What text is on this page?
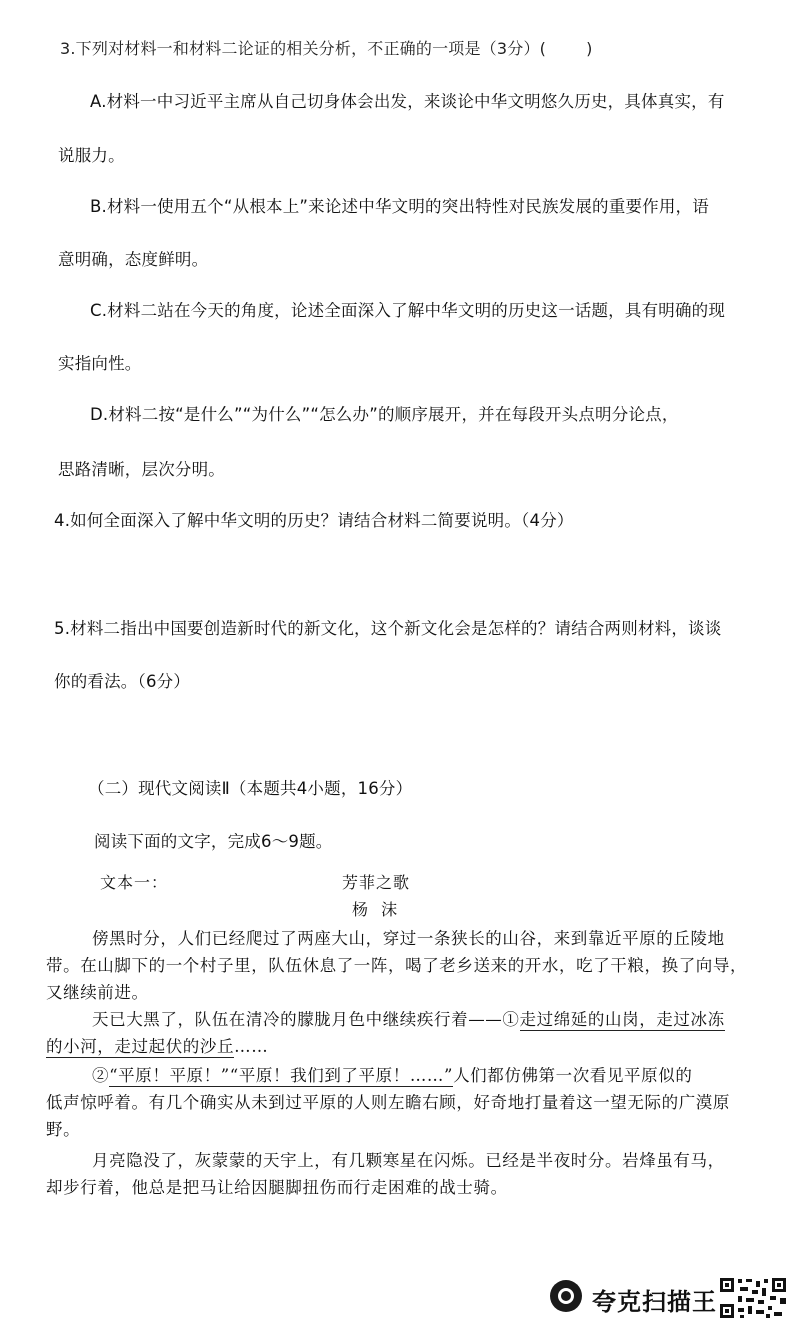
3.下列对材料一和材料二论证的相关分析，不正确的一项是（3分）(	)
A.材料一中习近平主席从自己切身体会出发，来谈论中华文明悠久历史，具体真实，有
说服力。
B.材料一使用五个“从根本上”来论述中华文明的突出特性对民族发展的重要作用，语
意明确，态度鲜明。
C.材料二站在今天的角度，论述全面深入了解中华文明的历史这一话题，具有明确的现
实指向性。
D.材料二按“是什么”“为什么”“怎么办”的顺序展开，并在每段开头点明分论点，
思路清晰，层次分明。
4.如何全面深入了解中华文明的历史？请结合材料二简要说明。（4分）
5.材料二指出中国要创造新时代的新文化，这个新文化会是怎样的？请结合两则材料，谈谈
你的看法。（6分）
（二）现代文阅读Ⅱ（本题共4小题，16分）
阅读下面的文字，完成6～9题。
文本一：	芳菲之歌
杨  沫
傍黑时分，人们已经爬过了两座大山，穿过一条狭长的山谷，来到靠近平原的丘陵地
带。在山脚下的一个村子里，队伍休息了一阵，喝了老乡送来的开水，吃了干粮，换了向导，
又继续前进。
天已大黑了，队伍在清冷的朦胧月色中继续疾行着——①走过绵延的山岗，走过冰冻
的小河，走过起伏的沙丘……
②“平原！平原！”“平原！我们到了平原！……”人们都仿佛第一次看见平原似的
低声惊呼着。有几个确实从未到过平原的人则左瞻右顾，好奇地打量着这一望无际的广漠原
野。
月亮隐没了，灰蒙蒙的天宇上，有几颗寒星在闪烁。已经是半夜时分。岩烽虽有马，
却步行着，他总是把马让给因腿脚扭伤而行走困难的战士骑。
夸克扫描王
